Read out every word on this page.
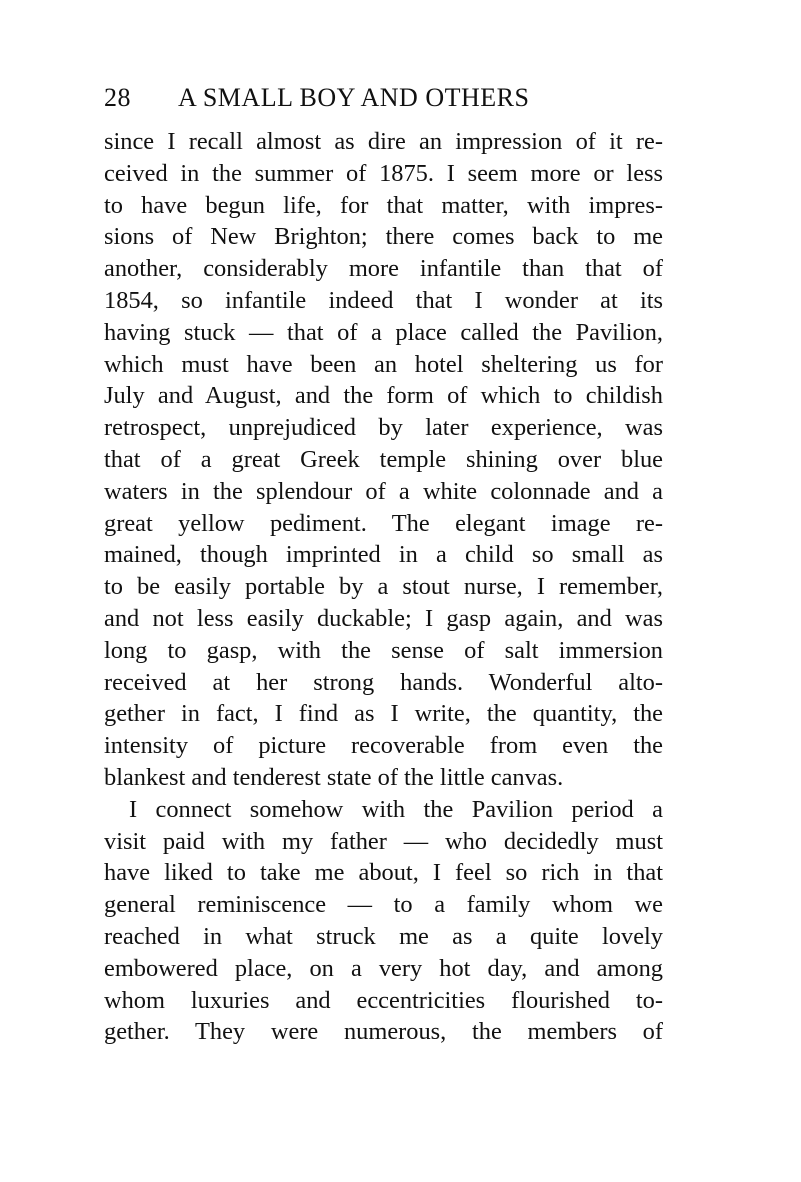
28 A SMALL BOY AND OTHERS
since I recall almost as dire an impression of it re-
ceived in the summer of 1875. I seem more or less
to have begun life, for that matter, with impres-
sions of New Brighton; there comes back to me
another, considerably more infantile than that of
1854, so infantile indeed that I wonder at its
having stuck — that of a place called the Pavilion,
which must have been an hotel sheltering us for
July and August, and the form of which to childish
retrospect, unprejudiced by later experience, was
that of a great Greek temple shining over blue
waters in the splendour of a white colonnade and a
great yellow pediment. The elegant image re-
mained, though imprinted in a child so small as
to be easily portable by a stout nurse, I remember,
and not less easily duckable; I gasp again, and was
long to gasp, with the sense of salt immersion
received at her strong hands. Wonderful alto-
gether in fact, I find as I write, the quantity, the
intensity of picture recoverable from even the
blankest and tenderest state of the little canvas.
I connect somehow with the Pavilion period a
visit paid with my father — who decidedly must
have liked to take me about, I feel so rich in that
general reminiscence — to a family whom we
reached in what struck me as a quite lovely
embowered place, on a very hot day, and among
whom luxuries and eccentricities flourished to-
gether. They were numerous, the members of
